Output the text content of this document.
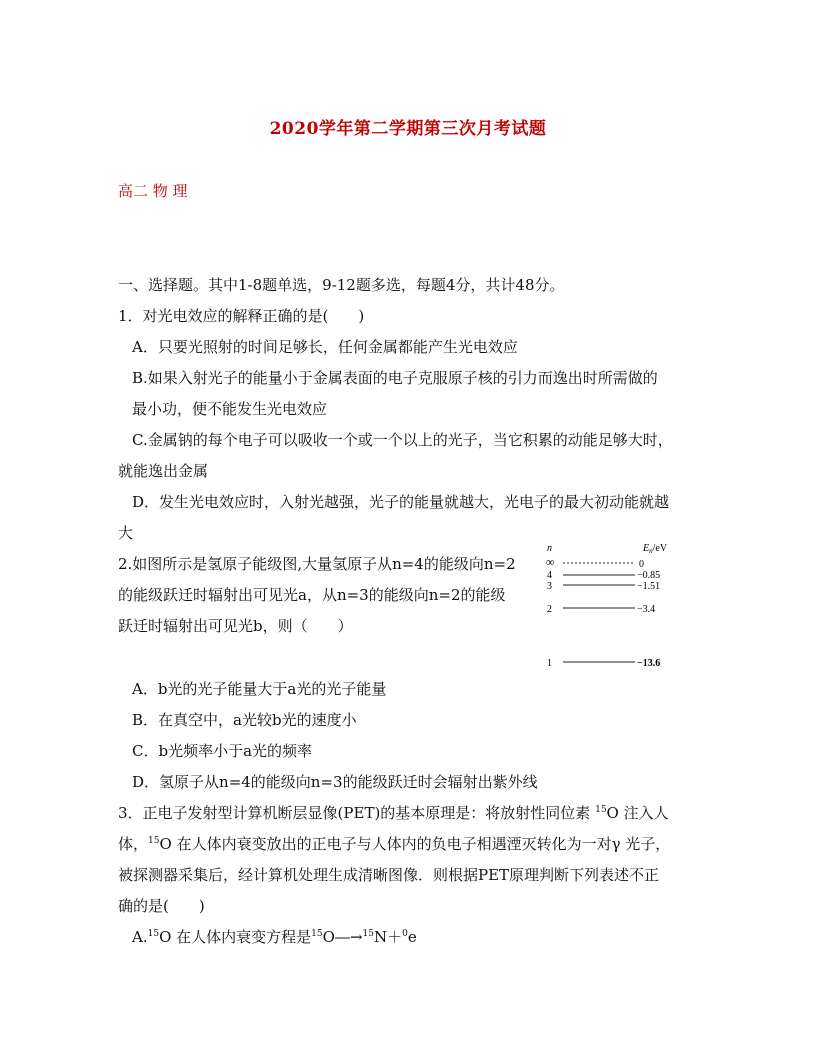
2020学年第二学期第三次月考试题
高二 物 理
一、选择题。其中1-8题单选，9-12题多选，每题4分，共计48分。
1．对光电效应的解释正确的是(　　)
A．只要光照射的时间足够长，任何金属都能产生光电效应
B.如果入射光子的能量小于金属表面的电子克服原子核的引力而逸出时所需做的
最小功，便不能发生光电效应
C.金属钠的每个电子可以吸收一个或一个以上的光子，当它积累的动能足够大时，
就能逸出金属
D．发生光电效应时，入射光越强，光子的能量就越大，光电子的最大初动能就越
大
2.如图所示是氢原子能级图,大量氢原子从n=4的能级向n=2
的能级跃迁时辐射出可见光a，从n=3的能级向n=2的能级
跃迁时辐射出可见光b，则（　　）
n	$E_n/eV$
∞	0
4	−0.85
3	−1.51
2	−3.4
1	−13.6
A．b光的光子能量大于a光的光子能量
B．在真空中，a光较b光的速度小
C．b光频率小于a光的频率
D．氢原子从n=4的能级向n=3的能级跃迁时会辐射出紫外线
3．正电子发射型计算机断层显像(PET)的基本原理是：将放射性同位素 $^{15}$O 注入人
体，$^{15}$O 在人体内衰变放出的正电子与人体内的负电子相遇湮灭转化为一对γ 光子，
被探测器采集后，经计算机处理生成清晰图像．则根据PET原理判断下列表述不正
确的是(　　)
A.$^{15}$O 在人体内衰变方程是$^{15}$O―→$^{15}$N＋$^0$e
